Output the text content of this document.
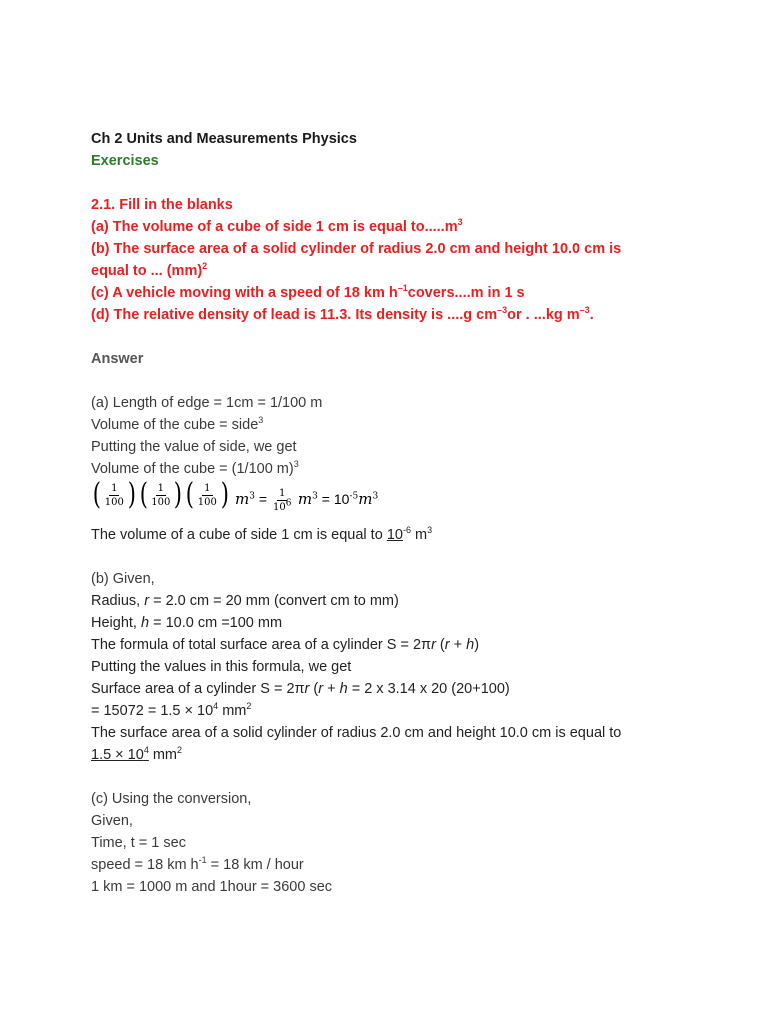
Ch 2 Units and Measurements Physics
Exercises
2.1. Fill in the blanks
(a) The volume of a cube of side 1 cm is equal $to.....m^3$
(b) The surface area of a solid cylinder of radius 2.0 cm and height 10.0 cm is
equal to ... (mm)$^2$
(c) A vehicle moving with a speed of 18 km $h^{-1}covers....m$ in 1 s
(d) The relative density of lead is 11.3. Its density is ....g $cm^{-3}or$ . ...kg $m^{-3}$.
Answer
(a) Length of edge = 1cm = 1/100 m
Volume of the cube = side$^3$
Putting the value of side, we get
Volume of the cube = (1/100 m)$^3$
( $\frac{1}{100}$ ) ( $\frac{1}{100}$ ) ( $\frac{1}{100}$ ) $m^3 = \frac{1}{10^6} m^3 = 10^{-5}m^3$
The volume of a cube of side 1 cm is equal to $10^{-6}$ $m^3$
(b) Given,
Radius, r = 2.0 cm = 20 mm (convert cm to mm)
Height, h = 10.0 cm =100 mm
The formula of total surface area of a cylinder S = 2πr (r + h)
Putting the values in this formula, we get
Surface area of a cylinder S = 2πr (r + h = 2 x 3.14 x 20 (20+100)
= $15072 = 1.5 \times 10^4$ $mm^2$
The surface area of a solid cylinder of radius 2.0 cm and height 10.0 cm is equal to
$1.5 \times 10^4$ $mm^2$
(c) Using the conversion,
Given,
Time, t = 1 sec
speed = 18 km $h^{-1} = 18$ km / hour
1 km = 1000 m and 1hour = 3600 sec
